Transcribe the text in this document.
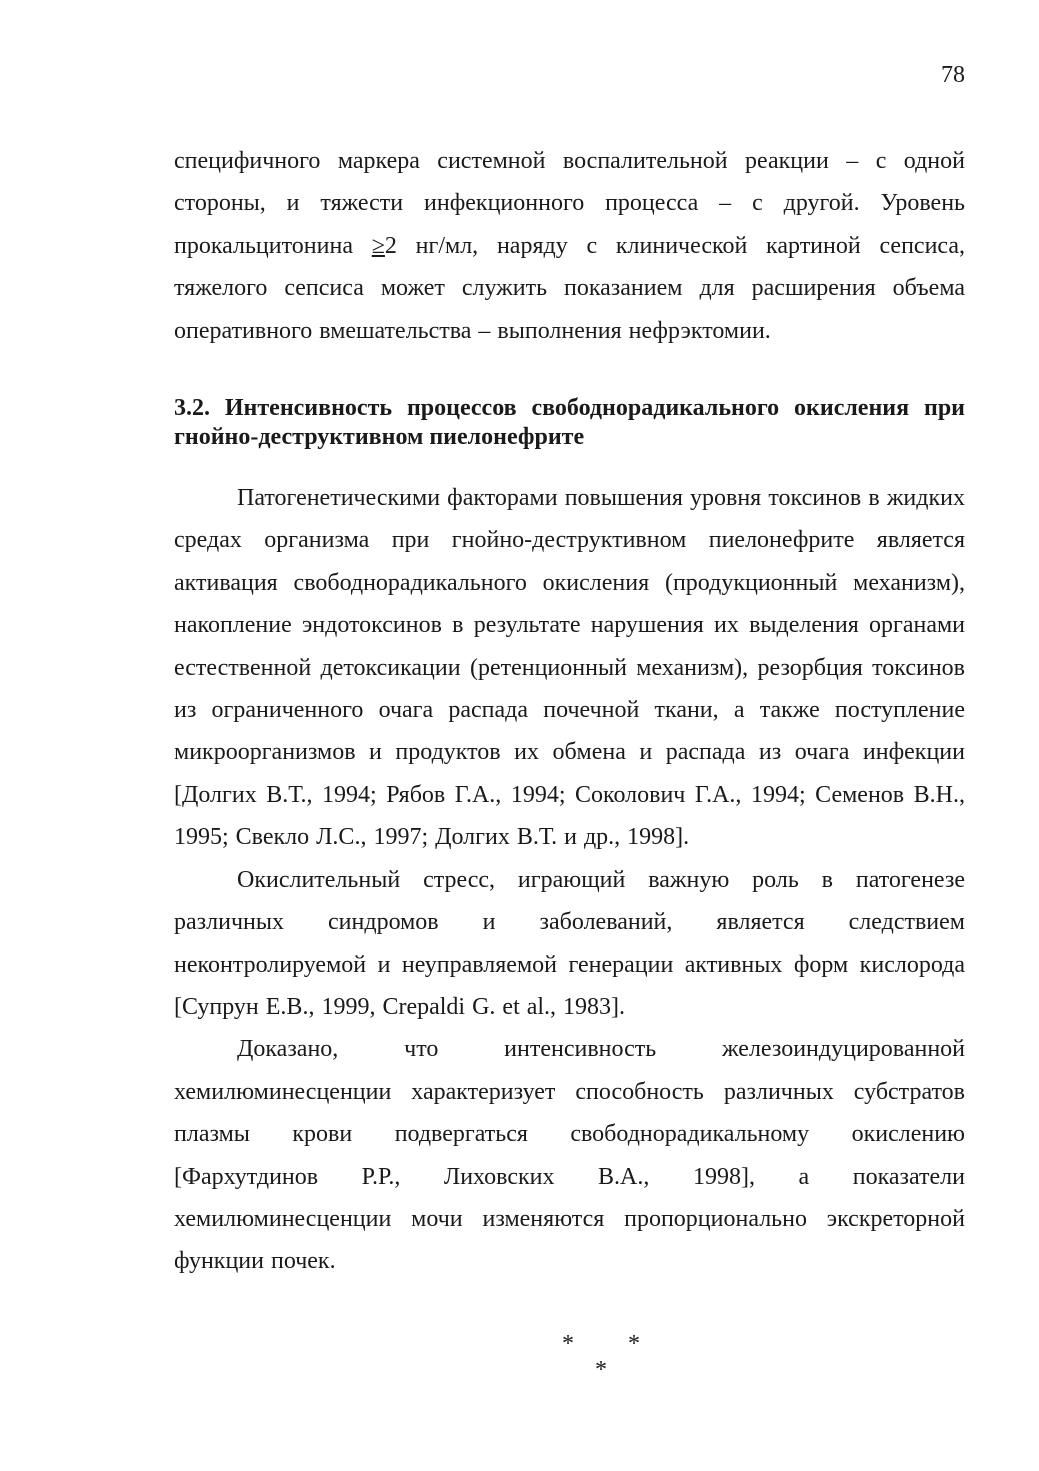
78

специфичного маркера системной воспалительной реакции – с одной стороны, и тяжести инфекционного процесса – с другой. Уровень прокальцитонина ≥2 нг/мл, наряду с клинической картиной сепсиса, тяжелого сепсиса может служить показанием для расширения объема оперативного вмешательства – выполнения нефрэктомии.

3.2. Интенсивность процессов свободнорадикального окисления при гнойно-деструктивном пиелонефрите

Патогенетическими факторами повышения уровня токсинов в жидких средах организма при гнойно-деструктивном пиелонефрите является активация свободнорадикального окисления (продукционный механизм), накопление эндотоксинов в результате нарушения их выделения органами естественной детоксикации (ретенционный механизм), резорбция токсинов из ограниченного очага распада почечной ткани, а также поступление микроорганизмов и продуктов их обмена и распада из очага инфекции [Долгих В.Т., 1994; Рябов Г.А., 1994; Соколович Г.А., 1994; Семенов В.Н., 1995; Свекло Л.С., 1997; Долгих В.Т. и др., 1998].

Окислительный стресс, играющий важную роль в патогенезе различных синдромов и заболеваний, является следствием неконтролируемой и неуправляемой генерации активных форм кислорода [Супрун Е.В., 1999, Crepaldi G. et al., 1983].

Доказано, что интенсивность железоиндуцированной хемилюминесценции характеризует способность различных субстратов плазмы крови подвергаться свободнорадикальному окислению [Фархутдинов Р.Р., Лиховских В.А., 1998], а показатели хемилюминесценции мочи изменяются пропорционально экскреторной функции почек.

* *
*
